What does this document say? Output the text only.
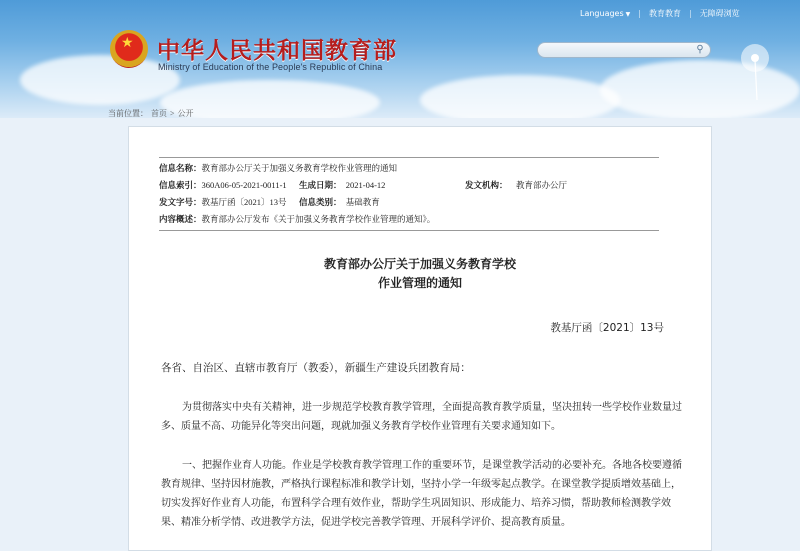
★ 中华人民共和国教育部
Ministry of Education of the People's Republic of China
Languages ▼ | 教育教育 | 无障碍浏览
⚲
当前位置： 首页 > 公开
信息名称：教育部办公厅关于加强义务教育学校作业管理的通知
信息索引：360A06-05-2021-0011-1 生成日期： 2021-04-12	发文机构： 教育部办公厅
发文字号：教基厅函〔2021〕13号 信息类别： 基础教育
内容概述：教育部办公厅发布《关于加强义务教育学校作业管理的通知》。
教育部办公厅关于加强义务教育学校
作业管理的通知
教基厅函〔2021〕13号
各省、自治区、直辖市教育厅（教委），新疆生产建设兵团教育局：
为贯彻落实中央有关精神，进一步规范学校教育教学管理，全面提高教育教学质量，坚决扭转一些学校作业数量过多、质量不高、功能异化等突出问题，现就加强义务教育学校作业管理有关要求通知如下。
一、把握作业育人功能。作业是学校教育教学管理工作的重要环节，是课堂教学活动的必要补充。各地各校要遵循教育规律、坚持因材施教，严格执行课程标准和教学计划，坚持小学一年级零起点教学。在课堂教学提质增效基础上，切实发挥好作业育人功能，布置科学合理有效作业，帮助学生巩固知识、形成能力、培养习惯，帮助教师检测教学效果、精准分析学情、改进教学方法，促进学校完善教学管理、开展科学评价、提高教育质量。
